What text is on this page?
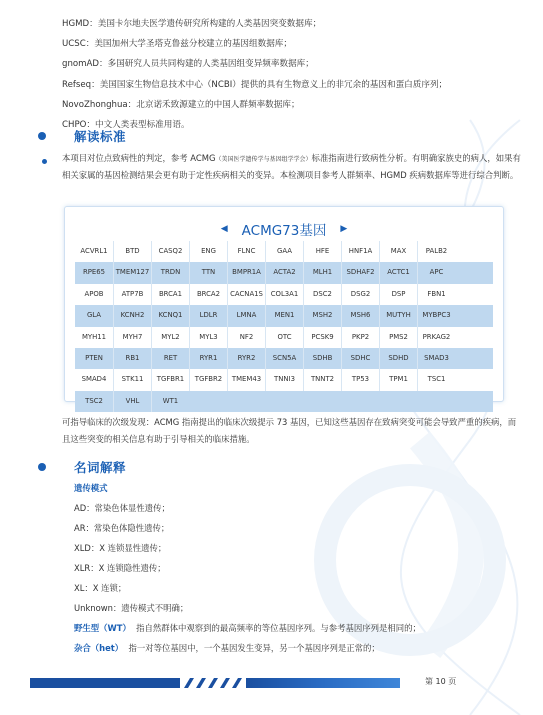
HGMD：美国卡尔地夫医学遗传研究所构建的人类基因突变数据库；
UCSC：美国加州大学圣塔克鲁兹分校建立的基因组数据库；
gnomAD：多国研究人员共同构建的人类基因组变异频率数据库；
Refseq：美国国家生物信息技术中心（NCBI）提供的具有生物意义上的非冗余的基因和蛋白质序列；
NovoZhonghua：北京诺禾致源建立的中国人群频率数据库；
CHPO：中文人类表型标准用语。
解读标准
本项目对位点致病性的判定，参考 ACMG（美国医学遗传学与基因组学学会）标准指南进行致病性分析。有明确家族史的病人，如果有相关家属的基因检测结果会更有助于定性疾病相关的变异。本检测项目参考人群频率、HGMD 疾病数据库等进行综合判断。
◀ ACMG73基因 ▶
ACVRL1	BTD	CASQ2	ENG	FLNC	GAA	HFE	HNF1A	MAX	PALB2
RPE65	TMEM127	TRDN	TTN	BMPR1A	ACTA2	MLH1	SDHAF2	ACTC1	APC
APOB	ATP7B	BRCA1	BRCA2	CACNA1S	COL3A1	DSC2	DSG2	DSP	FBN1
GLA	KCNH2	KCNQ1	LDLR	LMNA	MEN1	MSH2	MSH6	MUTYH	MYBPC3
MYH11	MYH7	MYL2	MYL3	NF2	OTC	PCSK9	PKP2	PMS2	PRKAG2
PTEN	RB1	RET	RYR1	RYR2	SCN5A	SDHB	SDHC	SDHD	SMAD3
SMAD4	STK11	TGFBR1	TGFBR2	TMEM43	TNNI3	TNNT2	TP53	TPM1	TSC1
TSC2	VHL	WT1
可指导临床的次级发现：ACMG 指南提出的临床次级提示 73 基因，已知这些基因存在致病突变可能会导致严重的疾病，而且这些突变的相关信息有助于引导相关的临床措施。
名词解释
遗传模式
AD：常染色体显性遗传；
AR：常染色体隐性遗传；
XLD：X 连锁显性遗传；
XLR：X 连锁隐性遗传；
XL：X 连锁；
Unknown：遗传模式不明确；
野生型（WT） 指自然群体中观察到的最高频率的等位基因序列。与参考基因序列是相同的；
杂合（het） 指一对等位基因中，一个基因发生变异，另一个基因序列是正常的；
第 10 页
